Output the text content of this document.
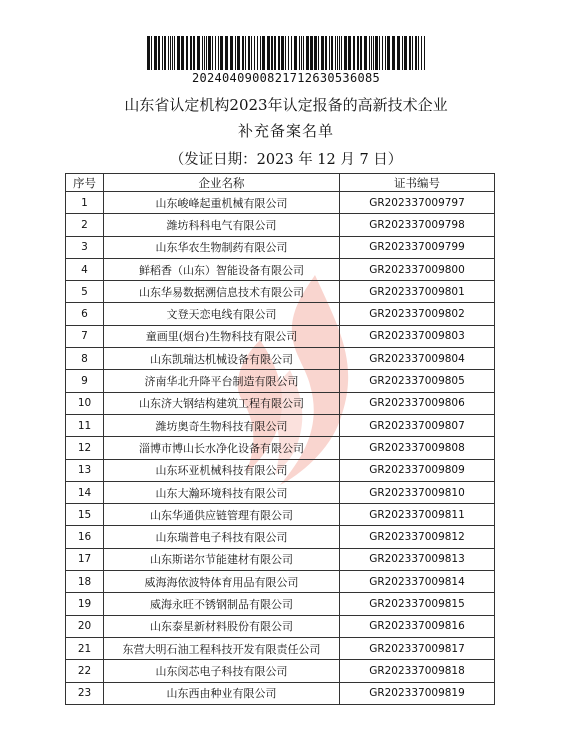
20240409008217126305360​85
山东省认定机构2023年认定报备的高新技术企业
补充备案名单
（发证日期：2023 年 12 月 7 日）
序号	企业名称	证书编号
1	山东峻峰起重机械有限公司	GR202337009797
2	潍坊科科电气有限公司	GR202337009798
3	山东华农生物制药有限公司	GR202337009799
4	鲜稻香（山东）智能设备有限公司	GR202337009800
5	山东华易数据溯信息技术有限公司	GR202337009801
6	文登天恋电线有限公司	GR202337009802
7	童画里(烟台)生物科技有限公司	GR202337009803
8	山东凯瑞达机械设备有限公司	GR202337009804
9	济南华北升降平台制造有限公司	GR202337009805
10	山东济大钢结构建筑工程有限公司	GR202337009806
11	潍坊奥奇生物科技有限公司	GR202337009807
12	淄博市博山长水净化设备有限公司	GR202337009808
13	山东环亚机械科技有限公司	GR202337009809
14	山东大瀚环境科技有限公司	GR202337009810
15	山东华通供应链管理有限公司	GR202337009811
16	山东瑞普电子科技有限公司	GR202337009812
17	山东斯诺尔节能建材有限公司	GR202337009813
18	威海海依波特体育用品有限公司	GR202337009814
19	威海永旺不锈钢制品有限公司	GR202337009815
20	山东泰星新材料股份有限公司	GR202337009816
21	东营大明石油工程科技开发有限责任公司	GR202337009817
22	山东闵芯电子科技有限公司	GR202337009818
23	山东西由种业有限公司	GR202337009819
